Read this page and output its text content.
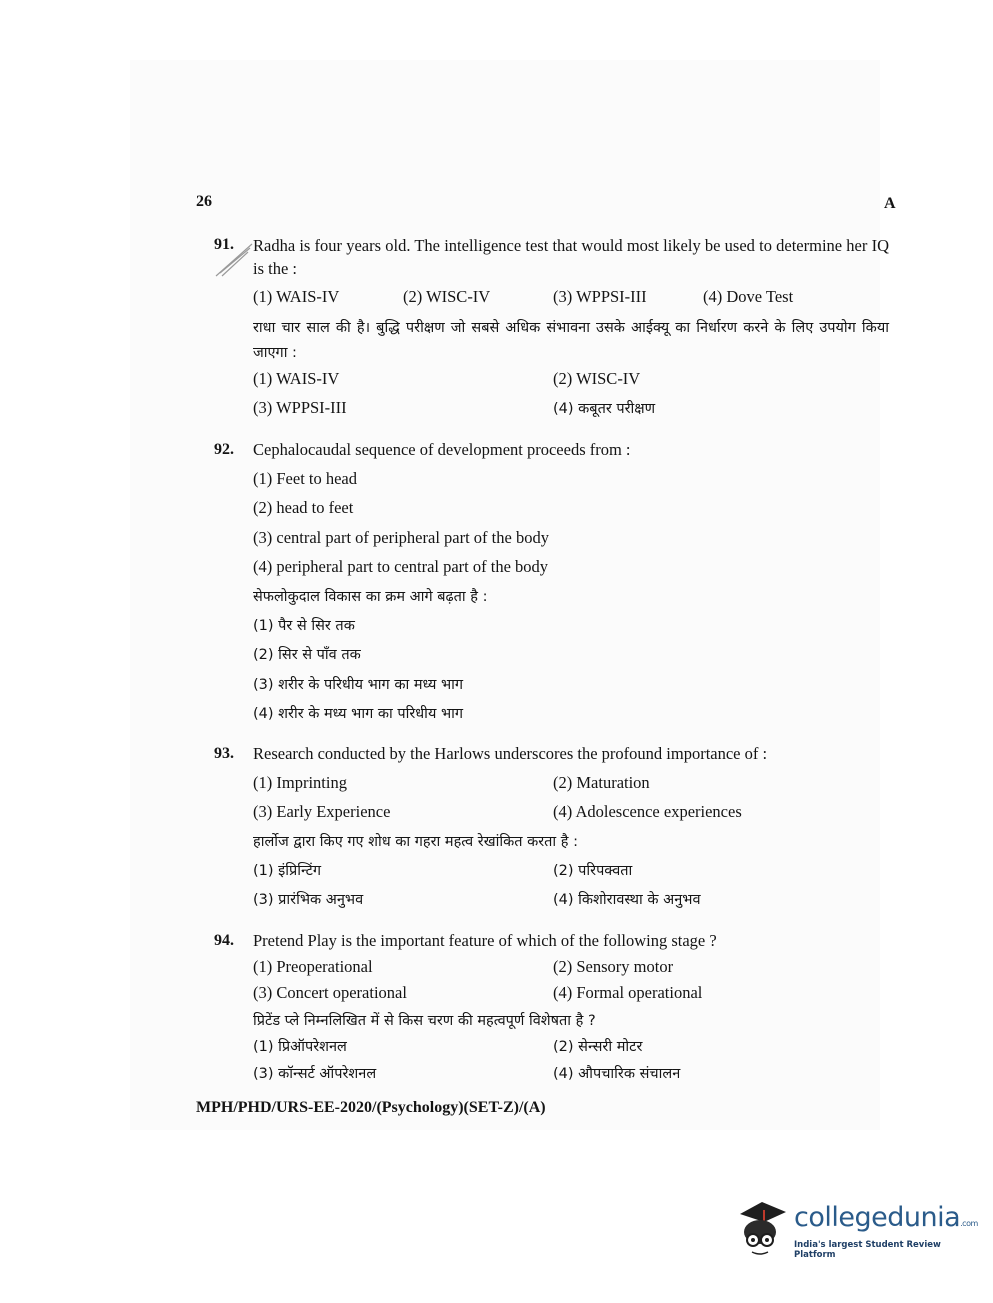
26	A
91. Radha is four years old. The intelligence test that would most likely be used to determine her IQ is the :
(1) WAIS-IV	(2) WISC-IV	(3) WPPSI-III	(4) Dove Test
राधा चार साल की है। बुद्धि परीक्षण जो सबसे अधिक संभावना उसके आईक्यू का निर्धारण करने के लिए उपयोग किया जाएगा :
(1) WAIS-IV	(2) WISC-IV
(3) WPPSI-III	(4) कबूतर परीक्षण
92. Cephalocaudal sequence of development proceeds from :
(1) Feet to head
(2) head to feet
(3) central part of peripheral part of the body
(4) peripheral part to central part of the body
सेफलोकुदाल विकास का क्रम आगे बढ़ता है :
(1) पैर से सिर तक
(2) सिर से पाँव तक
(3) शरीर के परिधीय भाग का मध्य भाग
(4) शरीर के मध्य भाग का परिधीय भाग
93. Research conducted by the Harlows underscores the profound importance of :
(1) Imprinting	(2) Maturation
(3) Early Experience	(4) Adolescence experiences
हार्लोज द्वारा किए गए शोध का गहरा महत्व रेखांकित करता है :
(1) इंप्रिन्टिंग	(2) परिपक्वता
(3) प्रारंभिक अनुभव	(4) किशोरावस्था के अनुभव
94. Pretend Play is the important feature of which of the following stage ?
(1) Preoperational	(2) Sensory motor
(3) Concert operational	(4) Formal operational
प्रिटेंड प्ले निम्नलिखित में से किस चरण की महत्वपूर्ण विशेषता है ?
(1) प्रिऑपरेशनल	(2) सेन्सरी मोटर
(3) कॉन्सर्ट ऑपरेशनल	(4) औपचारिक संचालन
MPH/PHD/URS-EE-2020/(Psychology)(SET-Z)/(A)
collegedunia.com
India's largest Student Review Platform
